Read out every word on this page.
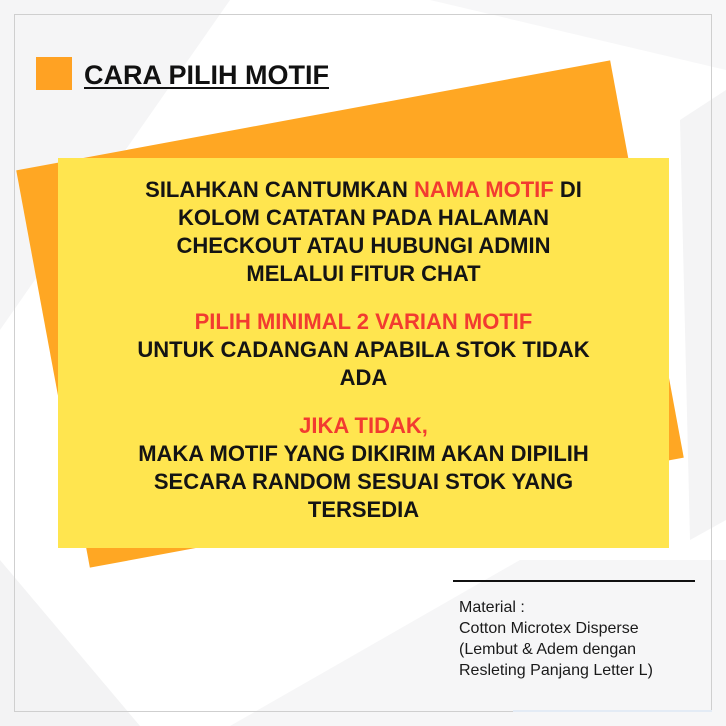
CARA PILIH MOTIF

SILAHKAN CANTUMKAN NAMA MOTIF DI

KOLOM CATATAN PADA HALAMAN

CHECKOUT ATAU HUBUNGI ADMIN

MELALUI FITUR CHAT

PILIH MINIMAL 2 VARIAN MOTIF

UNTUK CADANGAN APABILA STOK TIDAK

ADA

JIKA TIDAK,

MAKA MOTIF YANG DIKIRIM AKAN DIPILIH

SECARA RANDOM SESUAI STOK YANG

TERSEDIA

Material :
Cotton Microtex Disperse
(Lembut & Adem dengan
Resleting Panjang Letter L)
